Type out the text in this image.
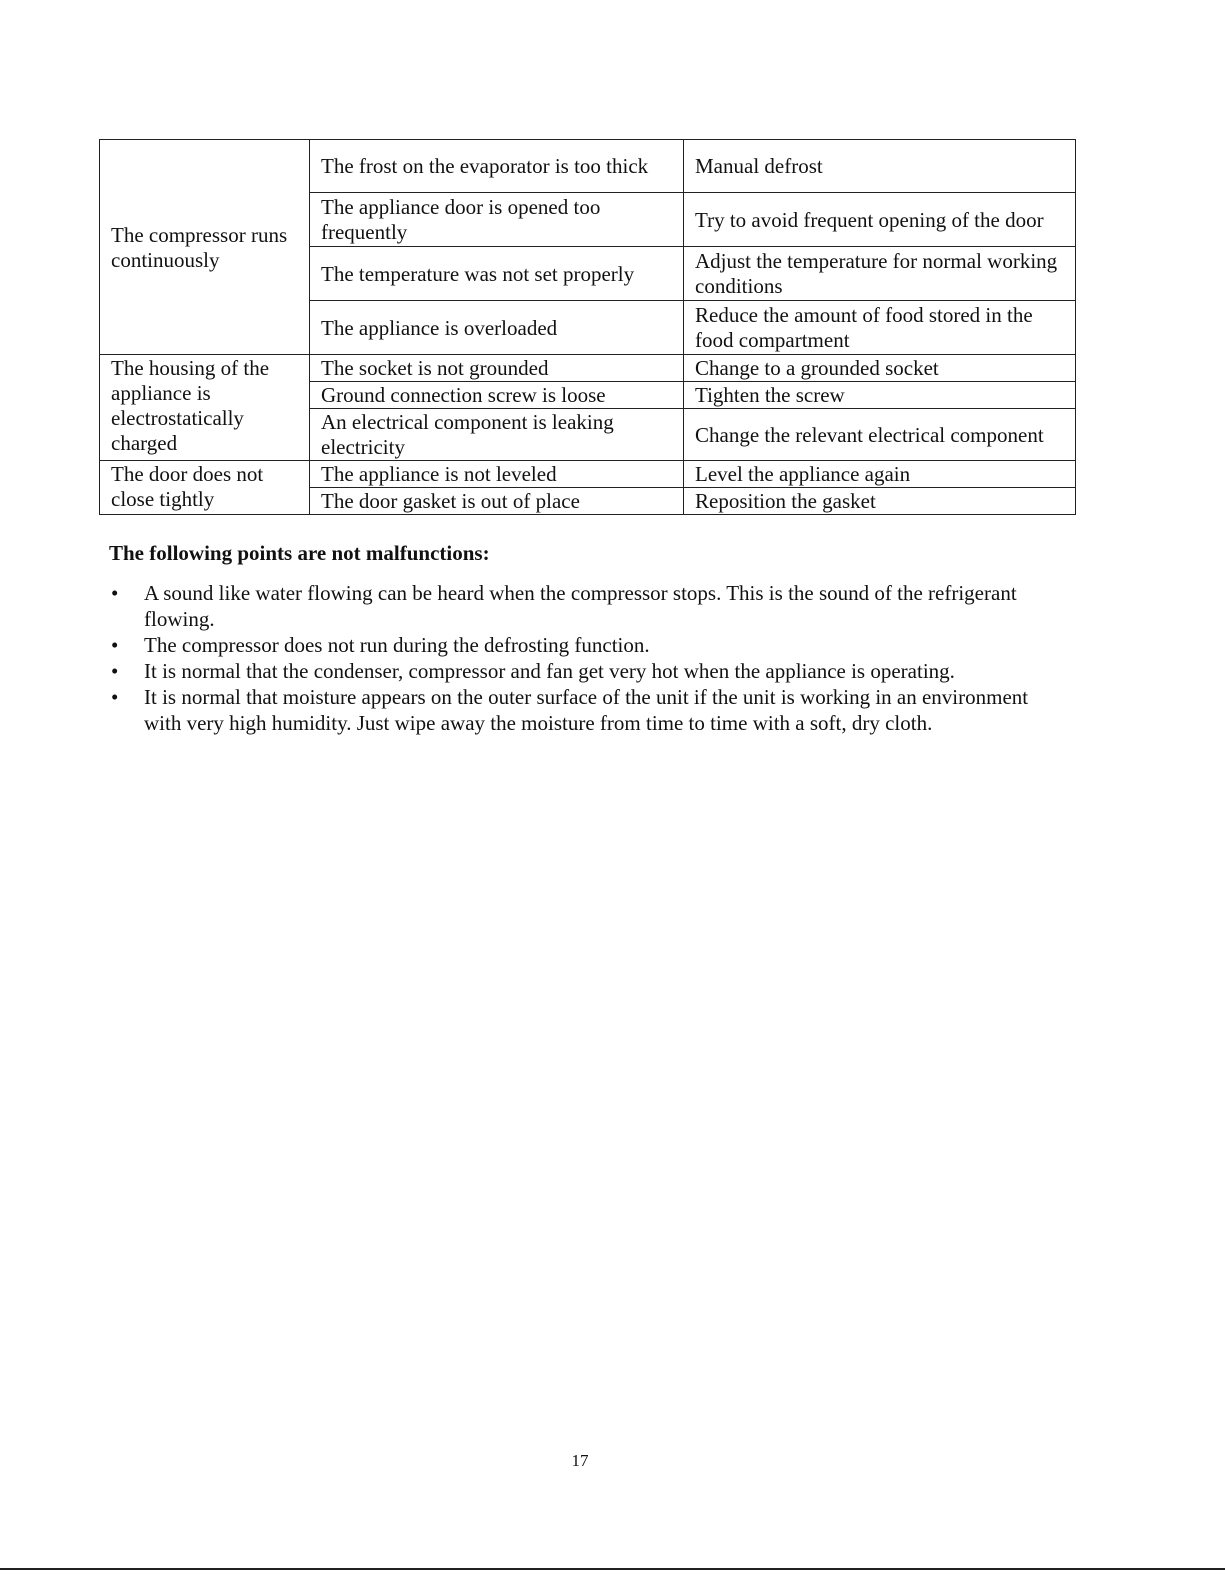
The compressor runs continuously	The frost on the evaporator is too thick	Manual defrost
	The appliance door is opened too frequently	Try to avoid frequent opening of the door
	The temperature was not set properly	Adjust the temperature for normal working conditions
	The appliance is overloaded	Reduce the amount of food stored in the food compartment
The housing of the appliance is electrostatically charged	The socket is not grounded	Change to a grounded socket
	Ground connection screw is loose	Tighten the screw
	An electrical component is leaking electricity	Change the relevant electrical component
The door does not close tightly	The appliance is not leveled	Level the appliance again
	The door gasket is out of place	Reposition the gasket

The following points are not malfunctions:

• A sound like water flowing can be heard when the compressor stops. This is the sound of the refrigerant flowing.
• The compressor does not run during the defrosting function.
• It is normal that the condenser, compressor and fan get very hot when the appliance is operating.
• It is normal that moisture appears on the outer surface of the unit if the unit is working in an environment with very high humidity. Just wipe away the moisture from time to time with a soft, dry cloth.
17
